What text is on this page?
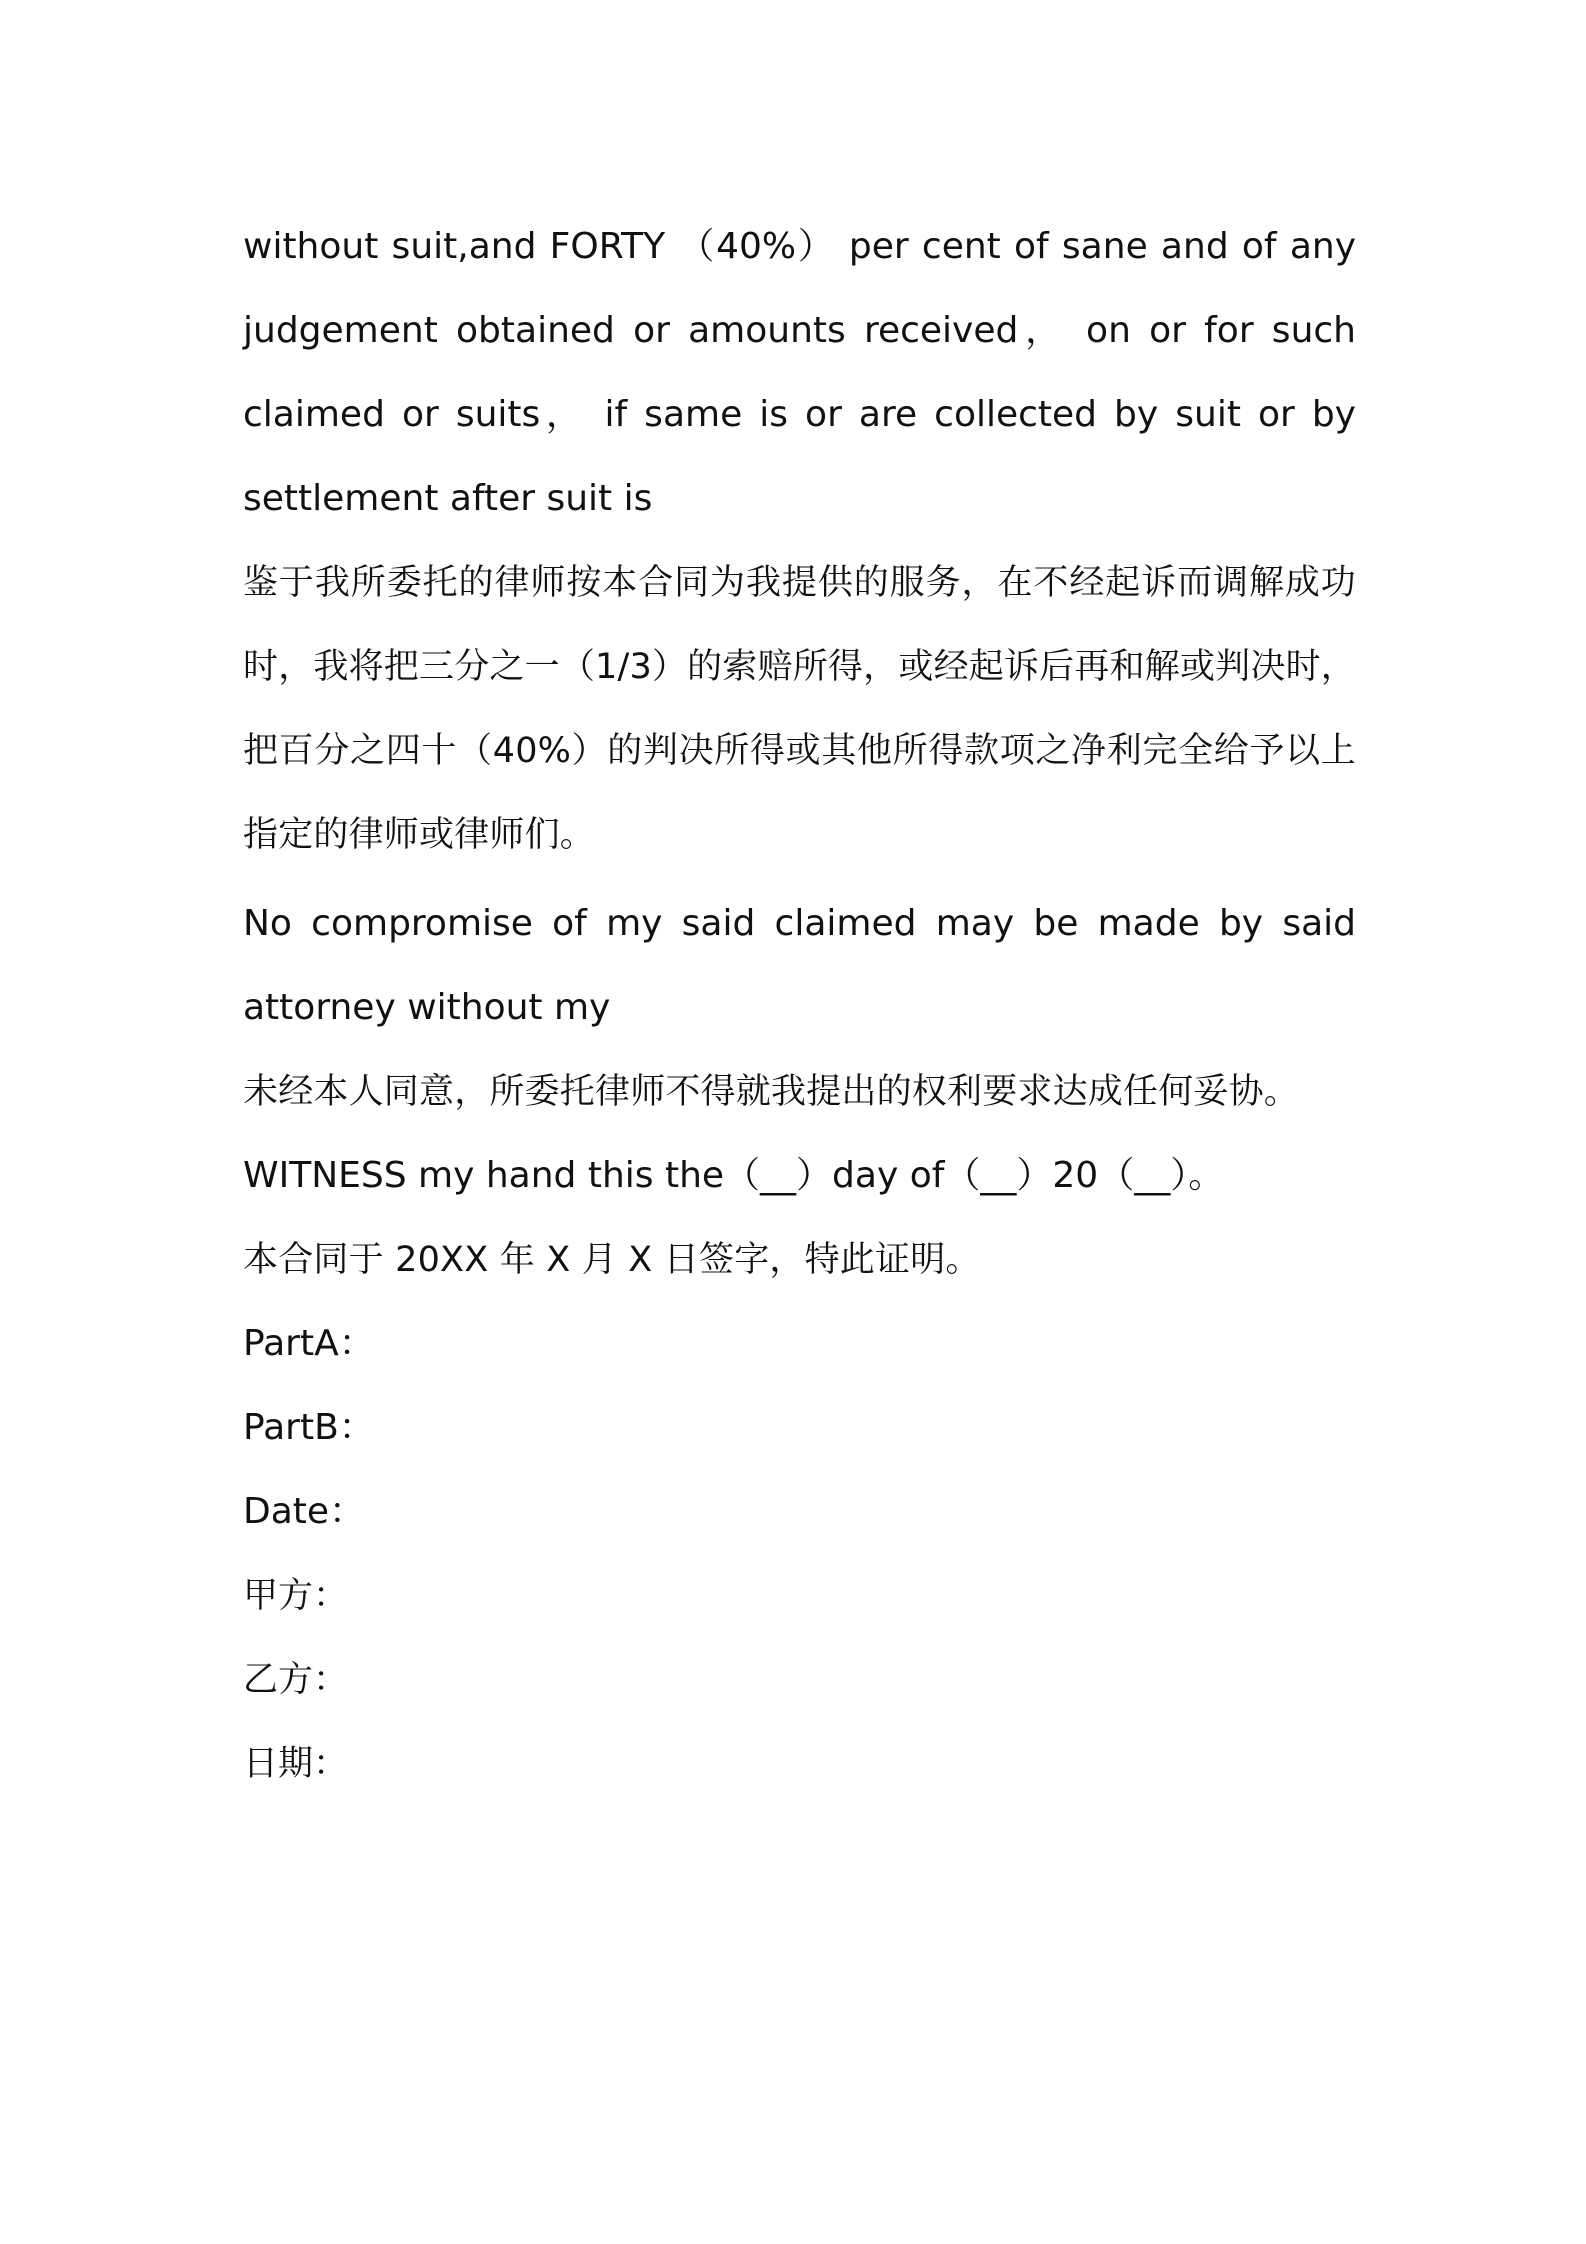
without suit,and FORTY （40%） per cent of sane and of any judgement obtained or amounts received， on or for such claimed or suits， if same is or are collected by suit or by settlement after suit is

鉴于我所委托的律师按本合同为我提供的服务，在不经起诉而调解成功时，我将把三分之一（1/3）的索赔所得，或经起诉后再和解或判决时，把百分之四十（40%）的判决所得或其他所得款项之净利完全给予以上指定的律师或律师们。

No compromise of my said claimed may be made by said attorney without my

未经本人同意，所委托律师不得就我提出的权利要求达成任何妥协。

WITNESS my hand this the（__）day of（__）20（__）。

本合同于 20XX 年 X 月 X 日签字，特此证明。

PartA：

PartB：

Date：

甲方：

乙方：

日期：
